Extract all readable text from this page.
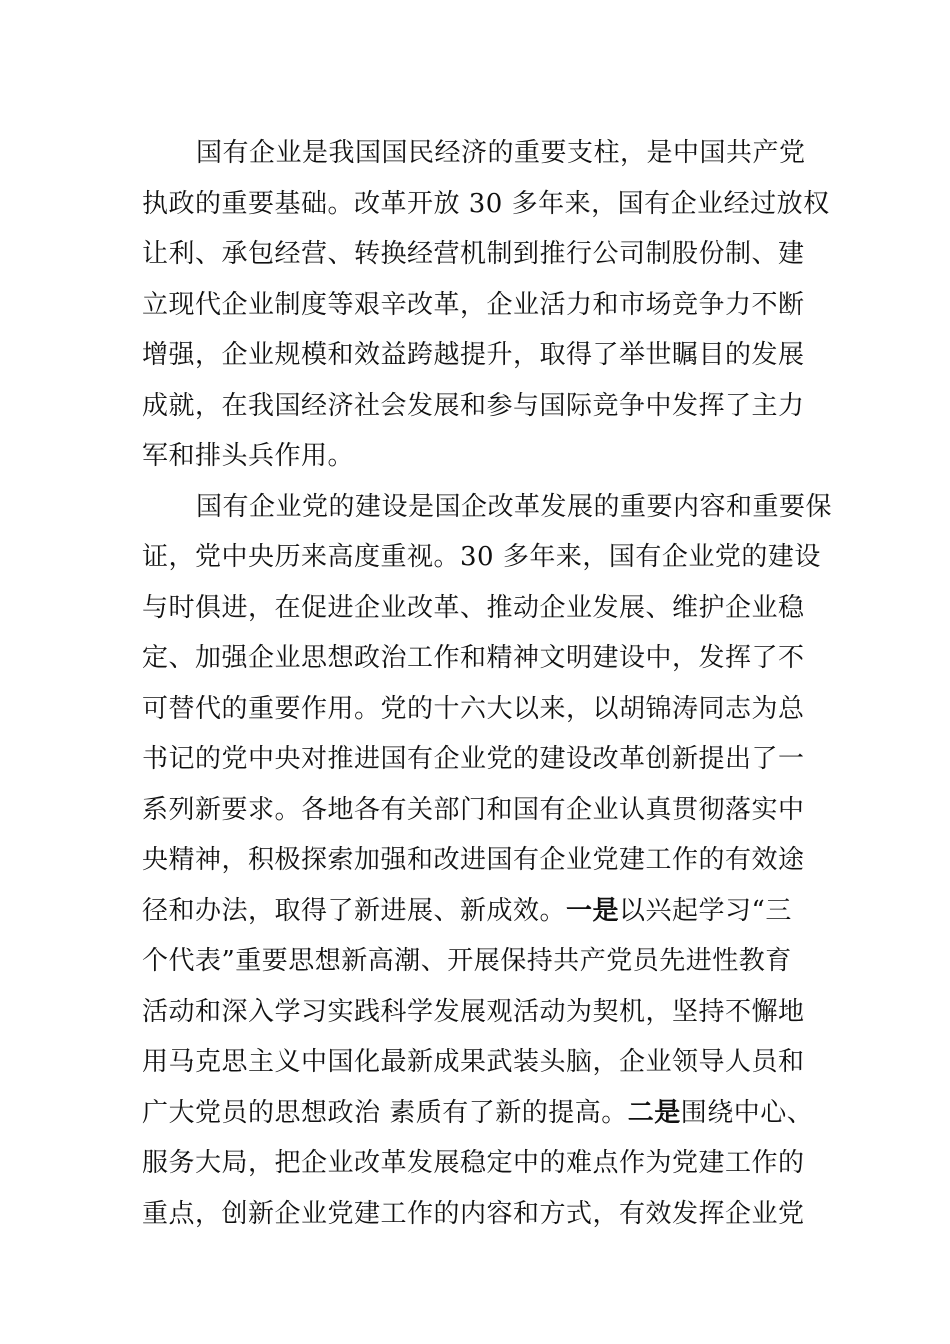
国有企业是我国国民经济的重要支柱，是中国共产党
执政的重要基础。改革开放 30 多年来，国有企业经过放权
让利、承包经营、转换经营机制到推行公司制股份制、建
立现代企业制度等艰辛改革，企业活力和市场竞争力不断
增强，企业规模和效益跨越提升，取得了举世瞩目的发展
成就，在我国经济社会发展和参与国际竞争中发挥了主力
军和排头兵作用。
国有企业党的建设是国企改革发展的重要内容和重要保
证，党中央历来高度重视。30 多年来，国有企业党的建设
与时俱进，在促进企业改革、推动企业发展、维护企业稳
定、加强企业思想政治工作和精神文明建设中，发挥了不
可替代的重要作用。党的十六大以来，以胡锦涛同志为总
书记的党中央对推进国有企业党的建设改革创新提出了一
系列新要求。各地各有关部门和国有企业认真贯彻落实中
央精神，积极探索加强和改进国有企业党建工作的有效途
径和办法，取得了新进展、新成效。一是以兴起学习“三
个代表”重要思想新高潮、开展保持共产党员先进性教育
活动和深入学习实践科学发展观活动为契机，坚持不懈地
用马克思主义中国化最新成果武装头脑，企业领导人员和
广大党员的思想政治 素质有了新的提高。二是围绕中心、
服务大局，把企业改革发展稳定中的难点作为党建工作的
重点，创新企业党建工作的内容和方式，有效发挥企业党
